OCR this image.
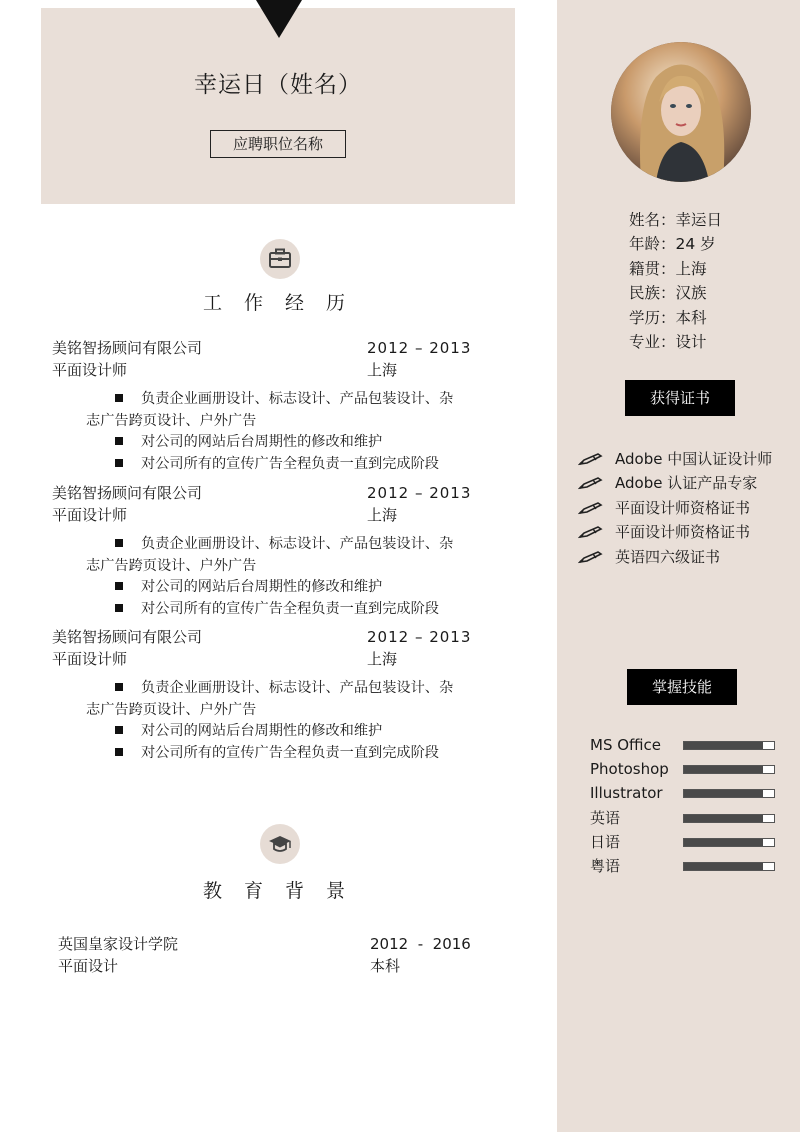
幸运日（姓名）
应聘职位名称
工 作 经 历
美铭智扬顾问有限公司	2012 – 2013
平面设计师	上海
负责企业画册设计、标志设计、产品包装设计、杂
志广告跨页设计、户外广告
对公司的网站后台周期性的修改和维护
对公司所有的宣传广告全程负责一直到完成阶段
美铭智扬顾问有限公司	2012 – 2013
平面设计师	上海
负责企业画册设计、标志设计、产品包装设计、杂
志广告跨页设计、户外广告
对公司的网站后台周期性的修改和维护
对公司所有的宣传广告全程负责一直到完成阶段
美铭智扬顾问有限公司	2012 – 2013
平面设计师	上海
负责企业画册设计、标志设计、产品包装设计、杂
志广告跨页设计、户外广告
对公司的网站后台周期性的修改和维护
对公司所有的宣传广告全程负责一直到完成阶段
教 育 背 景
英国皇家设计学院	2012  -  2016
平面设计	本科
姓名：幸运日
年龄：24 岁
籍贯：上海
民族：汉族
学历：本科
专业：设计
获得证书
Adobe 中国认证设计师
Adobe 认证产品专家
平面设计师资格证书
平面设计师资格证书
英语四六级证书
掌握技能
MS Office
Photoshop
Illustrator
英语
日语
粤语
